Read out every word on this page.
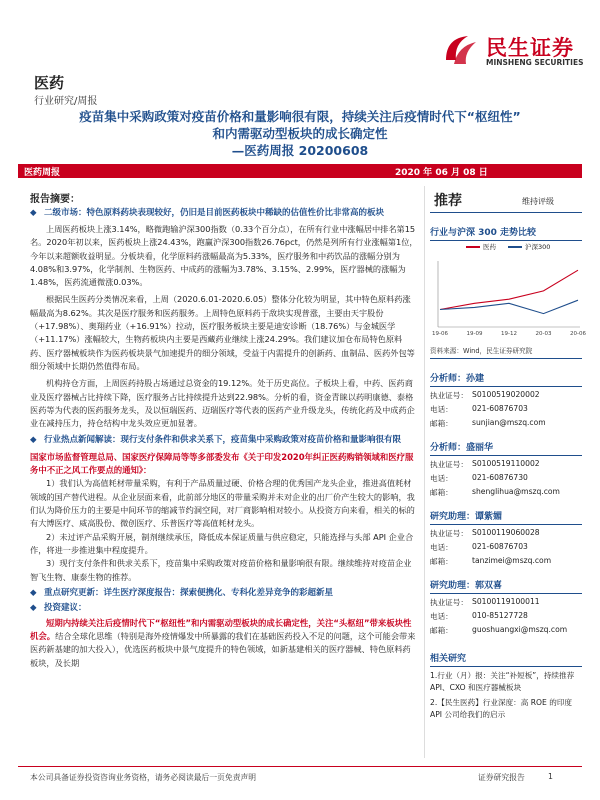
民生证券
MINSHENG SECURITIES
医药
行业研究/周报
疫苗集中采购政策对疫苗价格和量影响很有限，持续关注后疫情时代下“枢纽性”
和内需驱动型板块的成长确定性
—医药周报 20200608
医药周报	2020 年 06 月 08 日
报告摘要：
◆ 二级市场：特色原料药块表现较好，仍旧是目前医药板块中稀缺的估值性价比非常高的板块

上周医药板块上涨3.14%，略微跑输沪深300指数（0.33个百分点），在所有行业中涨幅居中排名第15名。2020年初以来，医药板块上涨24.43%，跑赢沪深300指数26.76pct，仍然是列所有行业涨幅第1位，今年以来超额收益明显。分板块看，化学原料药涨幅最高为5.33%，医疗服务和中药饮品的涨幅分别为4.08%和3.97%，化学制剂、生物医药、中成药的涨幅为3.78%、3.15%、2.99%，医疗器械的涨幅为1.48%，医药流通微涨0.03%。

根据民生医药分类情况来看，上周（2020.6.01-2020.6.05）整体分化较为明显，其中特色原料药涨幅最高为8.62%。其次是医疗服务和医药服务。上周特色原料药于敌块实现普涨，主要由天宇股份（+17.98%）、奥翔药业（+16.91%）拉动，医疗服务板块主要是迪安诊断（18.76%）与金城医学（+11.17%）涨幅较大，生物药板块内主要是西藏药业继续上涨24.29%。我们建议加仓布局特色原料药、医疗器械板块作为医药板块景气加速提升的细分领域，受益于内需提升的创新药、血制品、医药外包等细分领域中长期仍然值得布局。

机构持仓方面，上周医药持股占场通过总资金的19.12%。处于历史高位。子板块上看，中药、医药商业及医疗器械占比持续下降，医疗服务占比持续提升达到22.98%。分析的看，资金青睐以药明康德、泰格医药等为代表的医药服务龙头，及以恒瑞医药、迈瑞医疗等代表的医药产业升级龙头，传统化药及中成药企业在减持压力，持仓结构中龙头效应更加显著。

◆ 行业热点新闻解读：现行支付条件和供求关系下，疫苗集中采购政策对疫苗价格和量影响很有限
国家市场监督管理总局、国家医疗保障局等等多部委发布《关于印发2020年纠正医药购销领域和医疗服务中不正之风工作要点的通知》：

1）我们认为高值耗材带量采购，有利于产品质量过硬、价格合理的优秀国产龙头企业，推进高值耗材领域的国产替代进程。从企业层面来看，此前部分地区的带量采购并未对企业的出厂价产生较大的影响，我们认为降价压力的主要是中间环节的缩减节约洞空间，对厂商影响相对较小。从投资方向来看，相关的标的有大博医疗、威高股份、微创医疗、乐普医疗等高值耗材龙头。

2）未过评产品采购开展，制剂继续承压，降低成本保证质量与供应稳定，只能选择与头部 API 企业合作，将进一步推进集中程度提升。

3）现行支付条件和供求关系下，疫苗集中采购政策对疫苗价格和量影响很有限。继续维持对疫苗企业智飞生物、康泰生物的推荐。

◆ 重点研究更新：详生医疗深度报告：探索便携化、专科化差异竞争的彩超新星
◆ 投资建议：

短期内持续关注后疫情时代下“枢纽性”和内需驱动型板块的成长确定性，关注“头枢纽”带来板块性机会。结合全球化思维（特别是海外疫情爆发中所暴露的我们在基础医药投入不足的问题，这个可能会带来医药新基建的加大投入），优选医药板块中景气度提升的特色领域，如新基建相关的医疗器械、特色原料药板块，及长期

推荐	维持评级
行业与沪深 300 走势比较
医药	沪深300
19-06	19-09	19-12	20-03	20-06
资料来源：Wind，民生证券研究院
分析师：孙建
执业证号： S0100519020002
电话：	021-60876703
邮箱：	sunjian@mszq.com
分析师：盛丽华
执业证号： S0100519110002
电话：	021-60876730
邮箱：	shenglihua@mszq.com
研究助理：谭紫媚
执业证号： S0100119060028
电话：	021-60876703
邮箱：	tanzimei@mszq.com
研究助理：郭双喜
执业证号： S0100119100011
电话：	010-85127728
邮箱：	guoshuangxi@mszq.com
相关研究
1.行业（月）报：关注“补短板”，持续推荐 API、CXO 和医疗器械板块
2.【民生医药】行业深度：高 ROE 的印度 API 公司给我们的启示
本公司具备证券投资咨询业务资格，请务必阅读最后一页免责声明	证券研究报告	1
